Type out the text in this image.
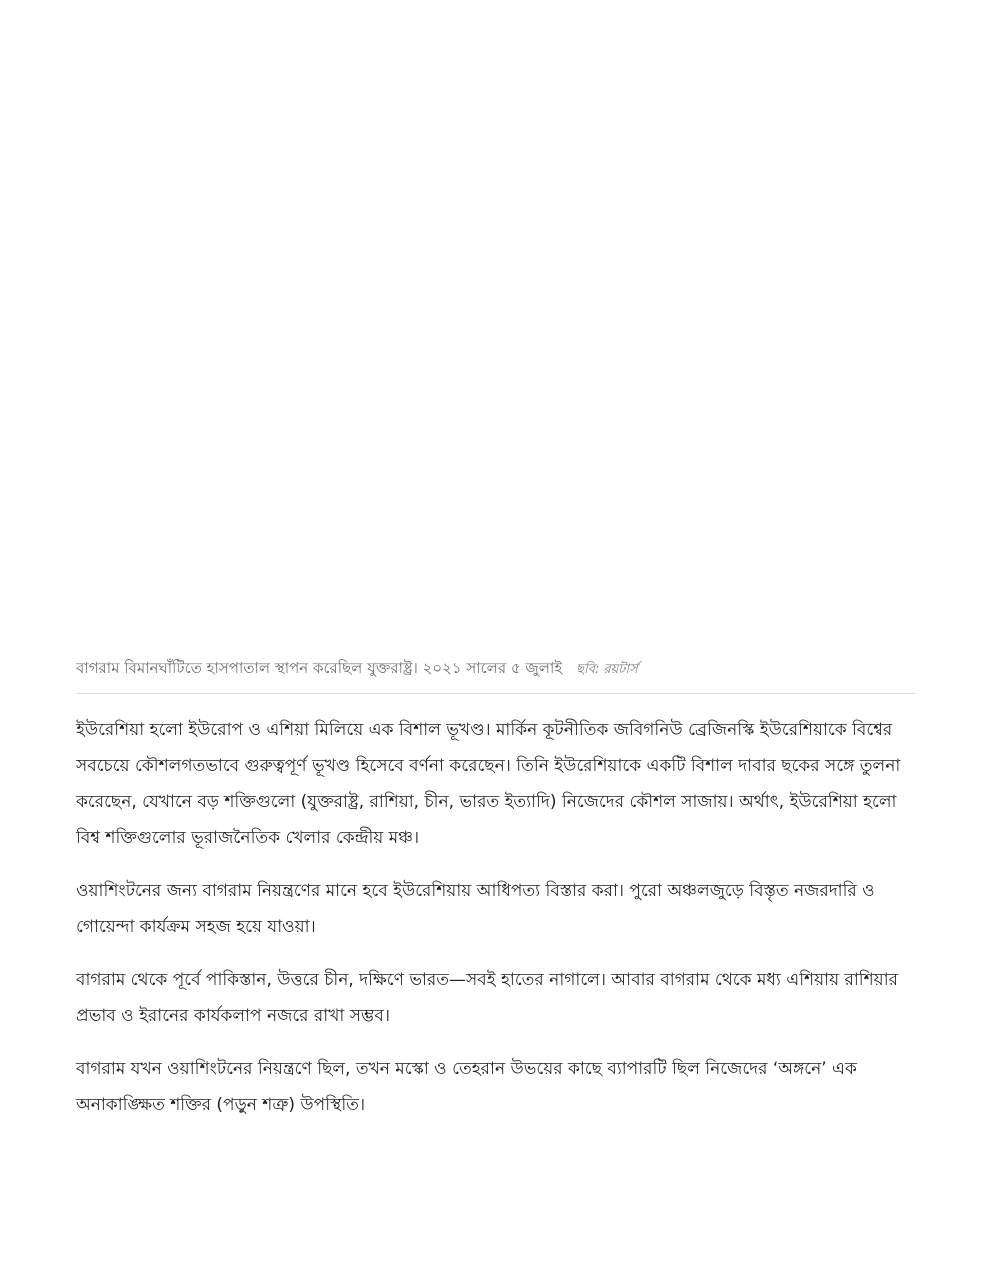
বাগরাম বিমানঘাঁটিতে হাসপাতাল স্থাপন করেছিল যুক্তরাষ্ট্র। ২০২১ সালের ৫ জুলাই ছবি: রয়টার্স

ইউরেশিয়া হলো ইউরোপ ও এশিয়া মিলিয়ে এক বিশাল ভূখণ্ড। মার্কিন কূটনীতিক জবিগনিউ ব্রেজিনস্কি ইউরেশিয়াকে বিশ্বের সবচেয়ে কৌশলগতভাবে গুরুত্বপূর্ণ ভূখণ্ড হিসেবে বর্ণনা করেছেন। তিনি ইউরেশিয়াকে একটি বিশাল দাবার ছকের সঙ্গে তুলনা করেছেন, যেখানে বড় শক্তিগুলো (যুক্তরাষ্ট্র, রাশিয়া, চীন, ভারত ইত্যাদি) নিজেদের কৌশল সাজায়। অর্থাৎ, ইউরেশিয়া হলো বিশ্ব শক্তিগুলোর ভূরাজনৈতিক খেলার কেন্দ্রীয় মঞ্চ।

ওয়াশিংটনের জন্য বাগরাম নিয়ন্ত্রণের মানে হবে ইউরেশিয়ায় আধিপত্য বিস্তার করা। পুরো অঞ্চলজুড়ে বিস্তৃত নজরদারি ও গোয়েন্দা কার্যক্রম সহজ হয়ে যাওয়া।

বাগরাম থেকে পূর্বে পাকিস্তান, উত্তরে চীন, দক্ষিণে ভারত—সবই হাতের নাগালে। আবার বাগরাম থেকে মধ্য এশিয়ায় রাশিয়ার প্রভাব ও ইরানের কার্যকলাপ নজরে রাখা সম্ভব।

বাগরাম যখন ওয়াশিংটনের নিয়ন্ত্রণে ছিল, তখন মস্কো ও তেহরান উভয়ের কাছে ব্যাপারটি ছিল নিজেদের ‘অঙ্গনে’ এক অনাকাঙ্ক্ষিত শক্তির (পড়ুন শত্রু) উপস্থিতি।
